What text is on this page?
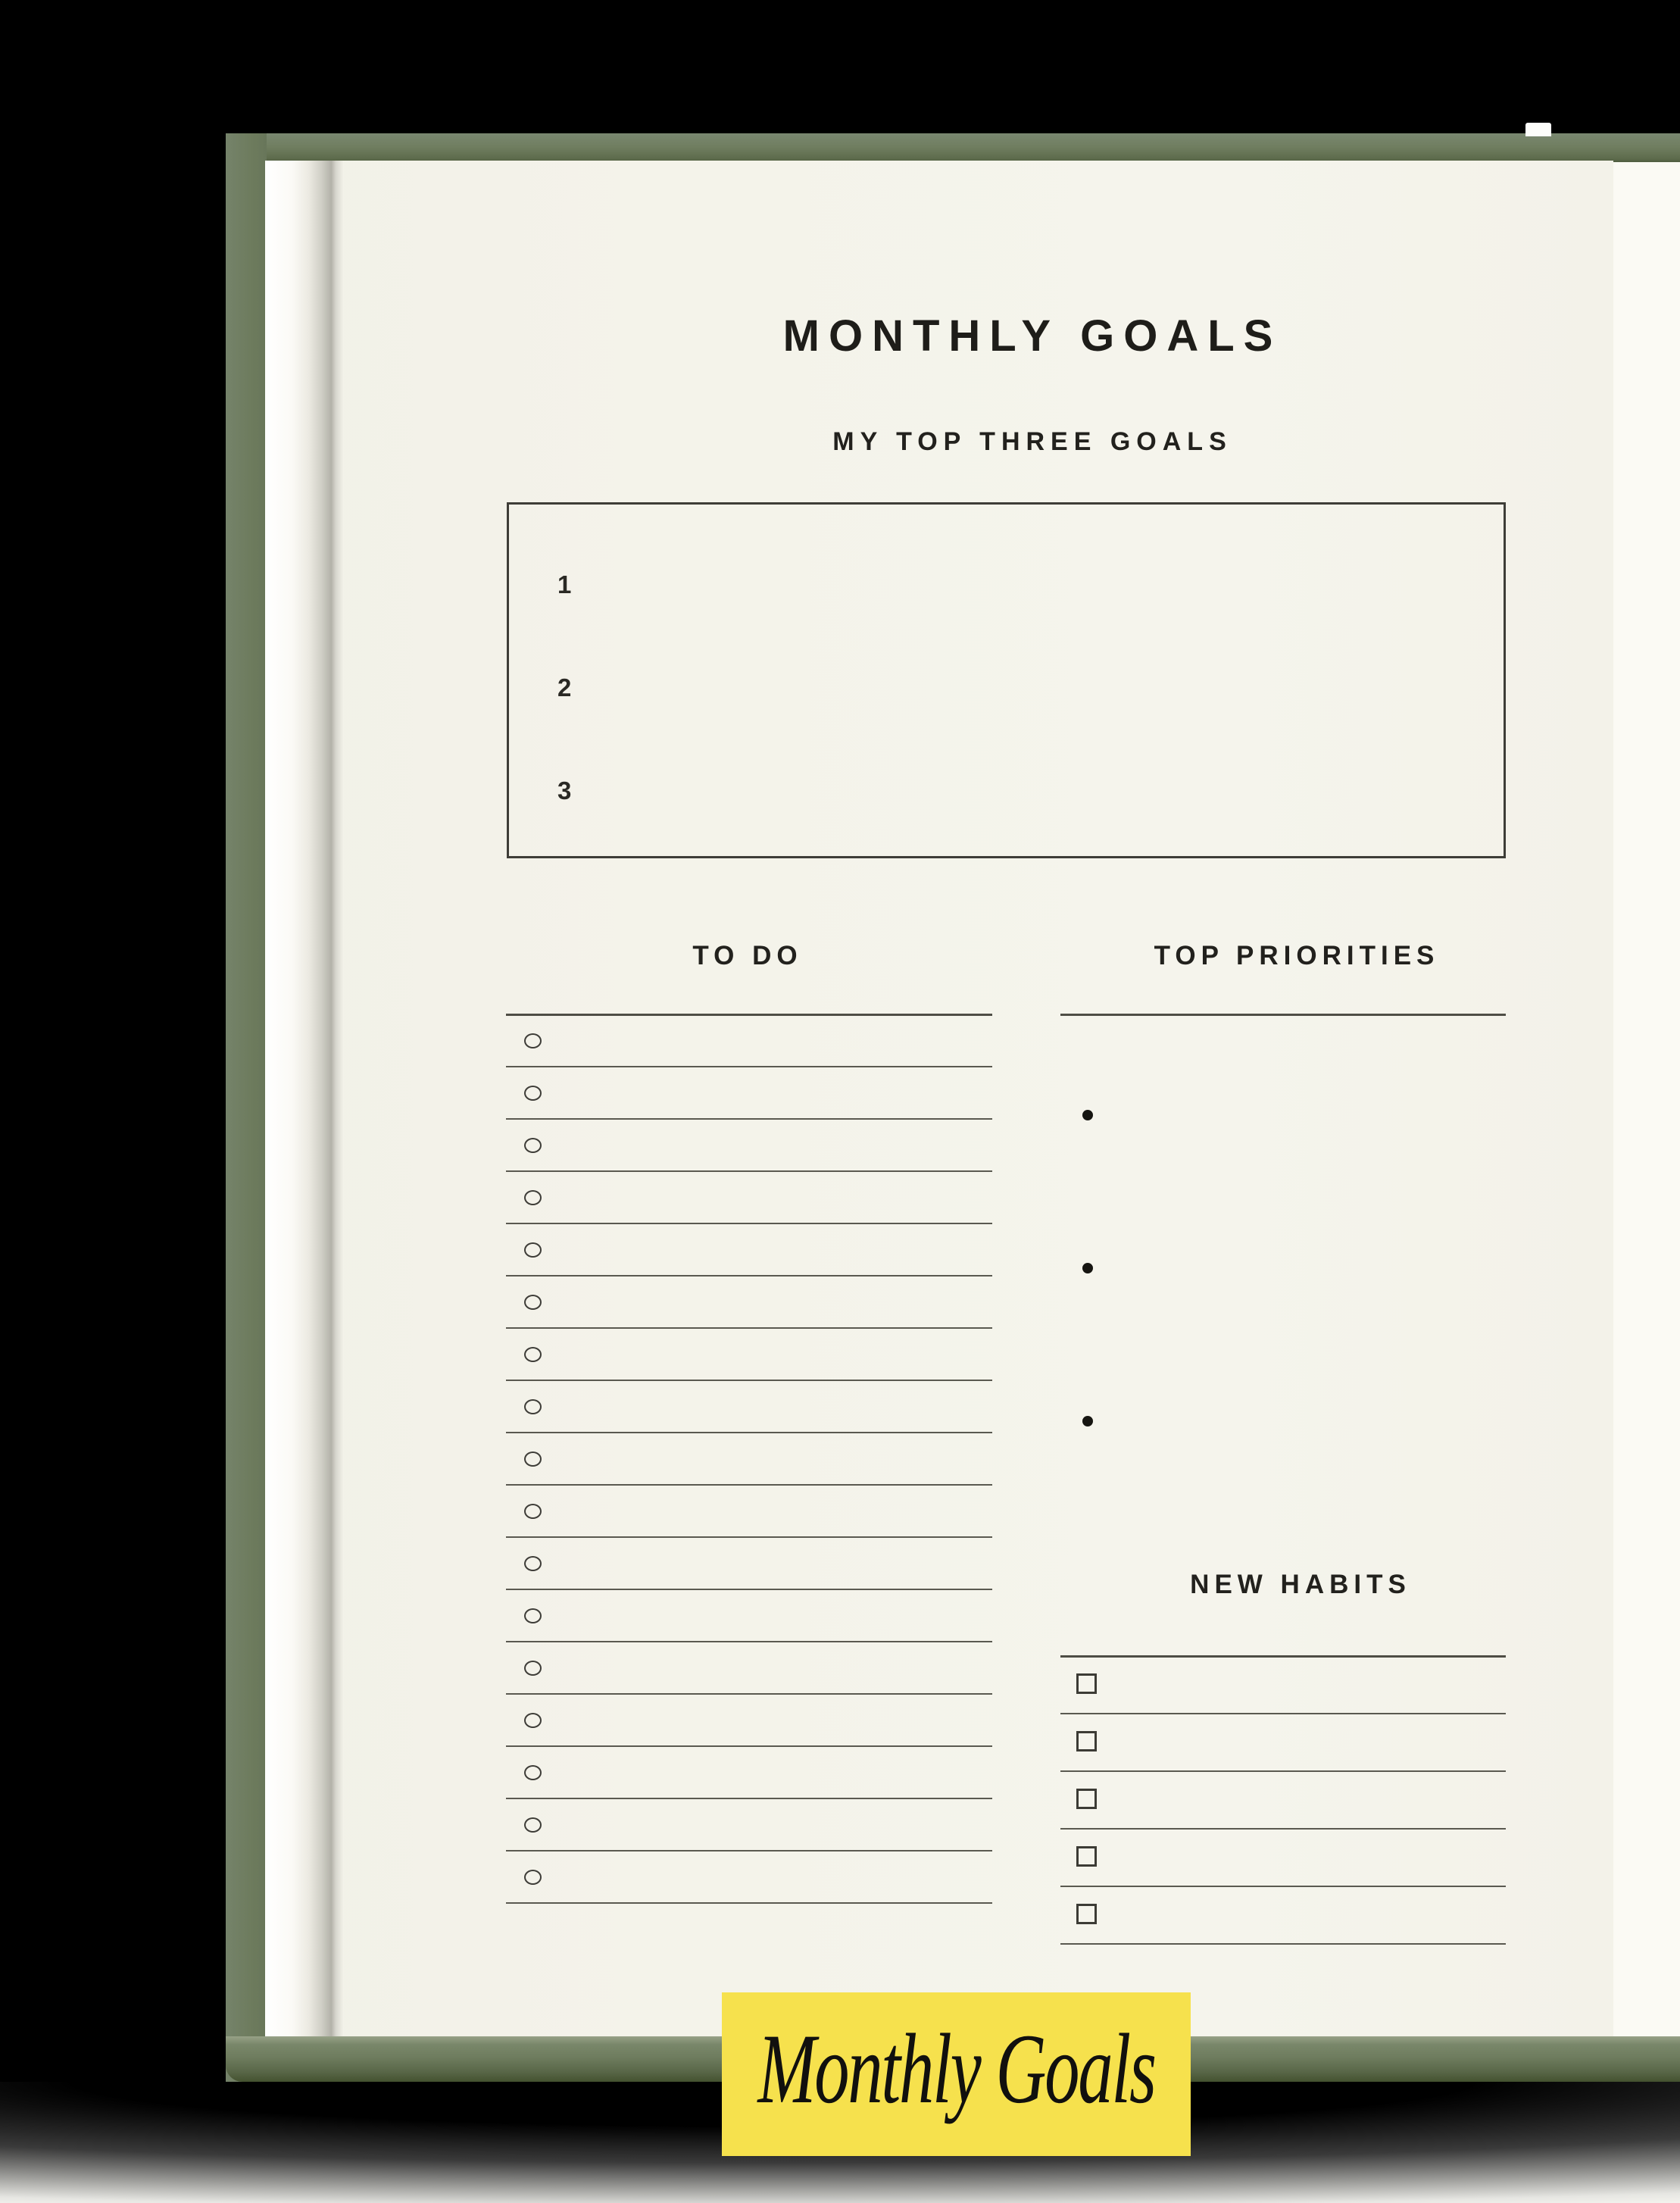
MONTHLY GOALS
MY TOP THREE GOALS
1
2
3
TO DO	TOP PRIORITIES
NEW HABITS
Monthly Goals
